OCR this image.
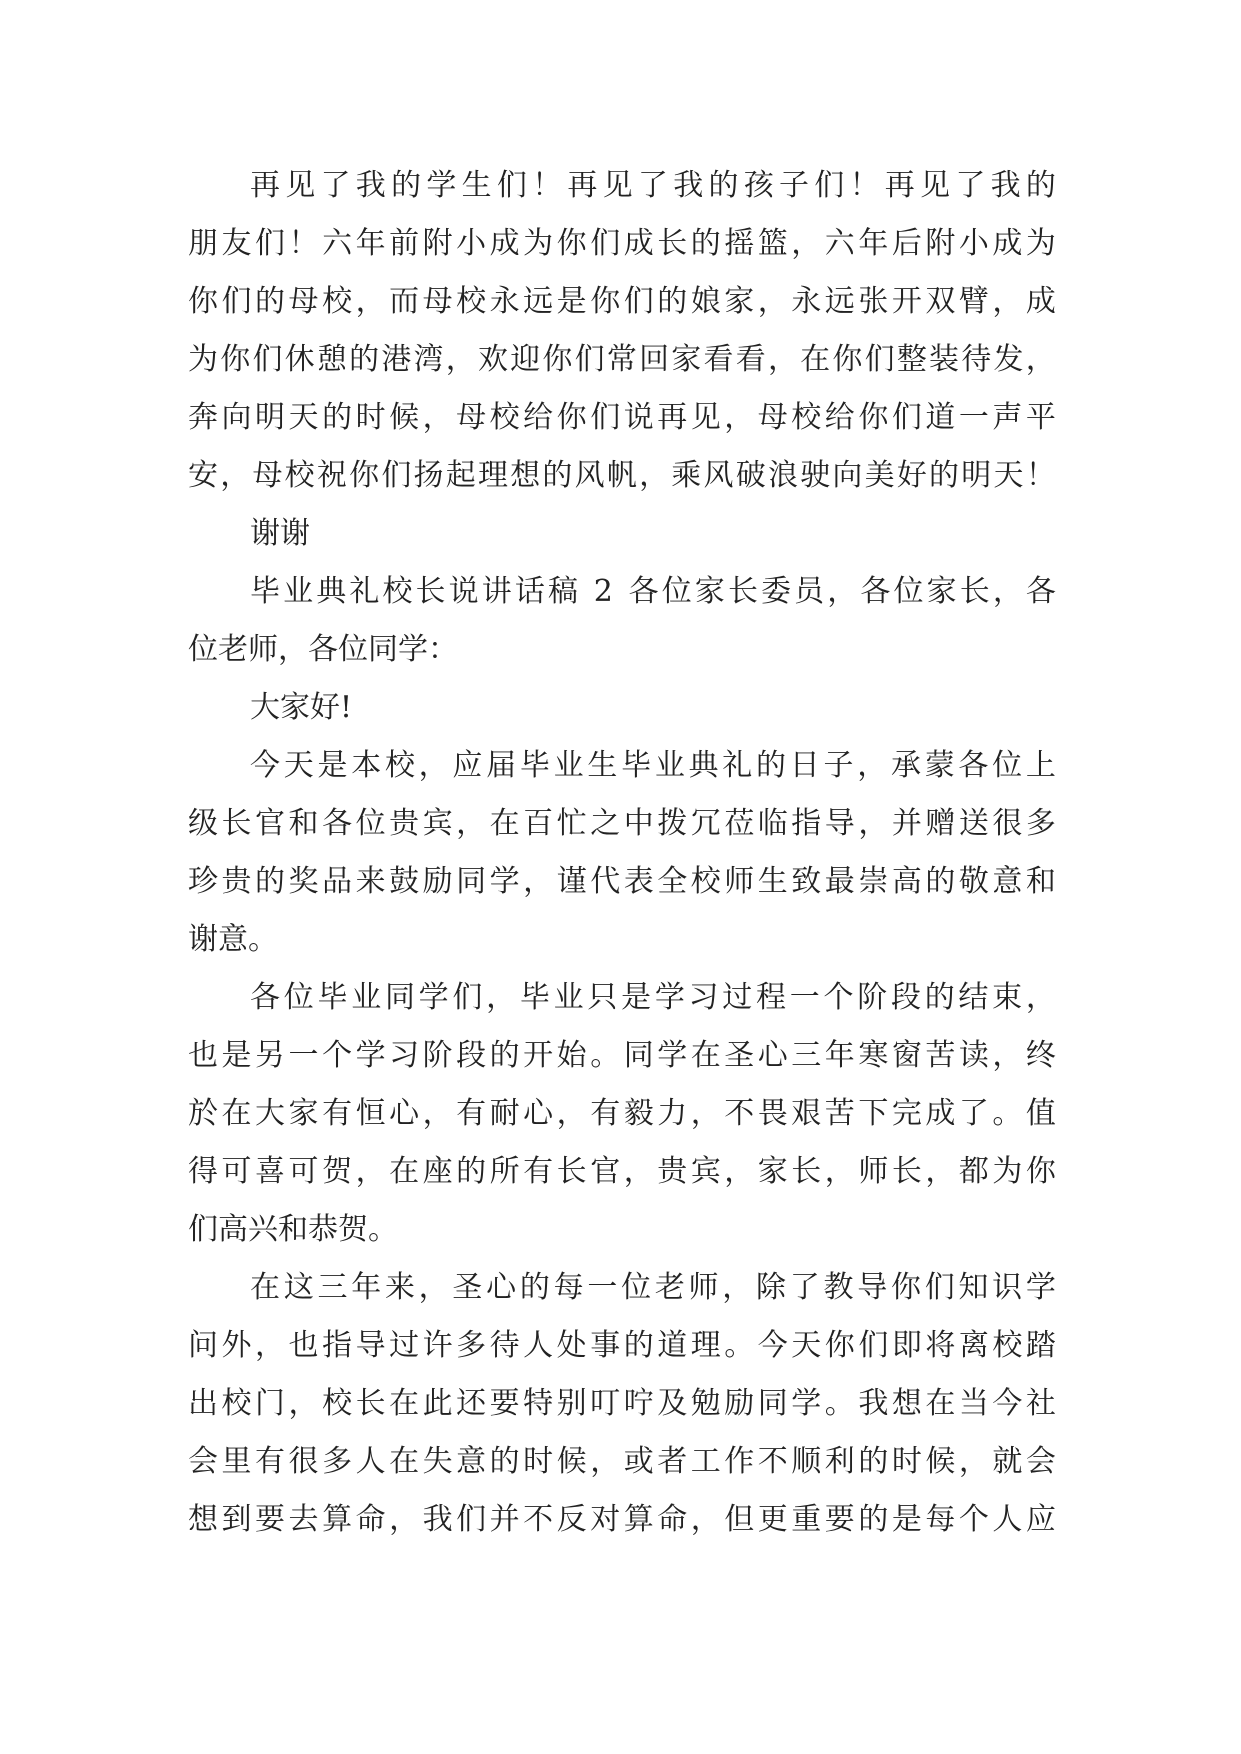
再 见 了 我 的 学 生 们 ！ 再 见 了 我 的 孩 子 们 ！ 再 见 了 我 的
朋 友 们 ！ 六 年 前 附 小 成 为 你 们 成 长 的 摇 篮 ， 六 年 后 附 小 成 为
你 们 的 母 校 ， 而 母 校 永 远 是 你 们 的 娘 家 ， 永 远 张 开 双 臂 ， 成
为 你 们 休 憩 的 港 湾 ， 欢 迎 你 们 常 回 家 看 看 ， 在 你 们 整 装 待 发 ，
奔 向 明 天 的 时 候 ， 母 校 给 你 们 说 再 见 ， 母 校 给 你 们 道 一 声 平
安 ， 母 校 祝 你 们 扬 起 理 想 的 风 帆 ， 乘 风 破 浪 驶 向 美 好 的 明 天 ！
谢谢
毕 业 典 礼 校 长 说 讲 话 稿
2
各 位 家 长 委 员 ， 各 位 家 长 ， 各
位老师，各位同学：
大家好!
今 天 是 本 校 ， 应 届 毕 业 生 毕 业 典 礼 的 日 子 ， 承 蒙 各 位 上
级 长 官 和 各 位 贵 宾 ， 在 百 忙 之 中 拨 冗 莅 临 指 导 ， 并 赠 送 很 多
珍 贵 的 奖 品 来 鼓 励 同 学 ， 谨 代 表 全 校 师 生 致 最 崇 高 的 敬 意 和
谢意。
各 位 毕 业 同 学 们 ， 毕 业 只 是 学 习 过 程 一 个 阶 段 的 结 束 ，
也 是 另 一 个 学 习 阶 段 的 开 始 。 同 学 在 圣 心 三 年 寒 窗 苦 读 ， 终
於 在 大 家 有 恒 心 ， 有 耐 心 ， 有 毅 力 ， 不 畏 艰 苦 下 完 成 了 。 值
得 可 喜 可 贺 ， 在 座 的 所 有 长 官 ， 贵 宾 ， 家 长 ， 师 长 ， 都 为 你
们高兴和恭贺。
在 这 三 年 来 ， 圣 心 的 每 一 位 老 师 ， 除 了 教 导 你 们 知 识 学
问 外 ， 也 指 导 过 许 多 待 人 处 事 的 道 理 。 今 天 你 们 即 将 离 校 踏
出 校 门 ， 校 长 在 此 还 要 特 别 叮 咛 及 勉 励 同 学 。 我 想 在 当 今 社
会 里 有 很 多 人 在 失 意 的 时 候 ， 或 者 工 作 不 顺 利 的 时 候 ， 就 会
想 到 要 去 算 命 ， 我 们 并 不 反 对 算 命 ， 但 更 重 要 的 是 每 个 人 应
